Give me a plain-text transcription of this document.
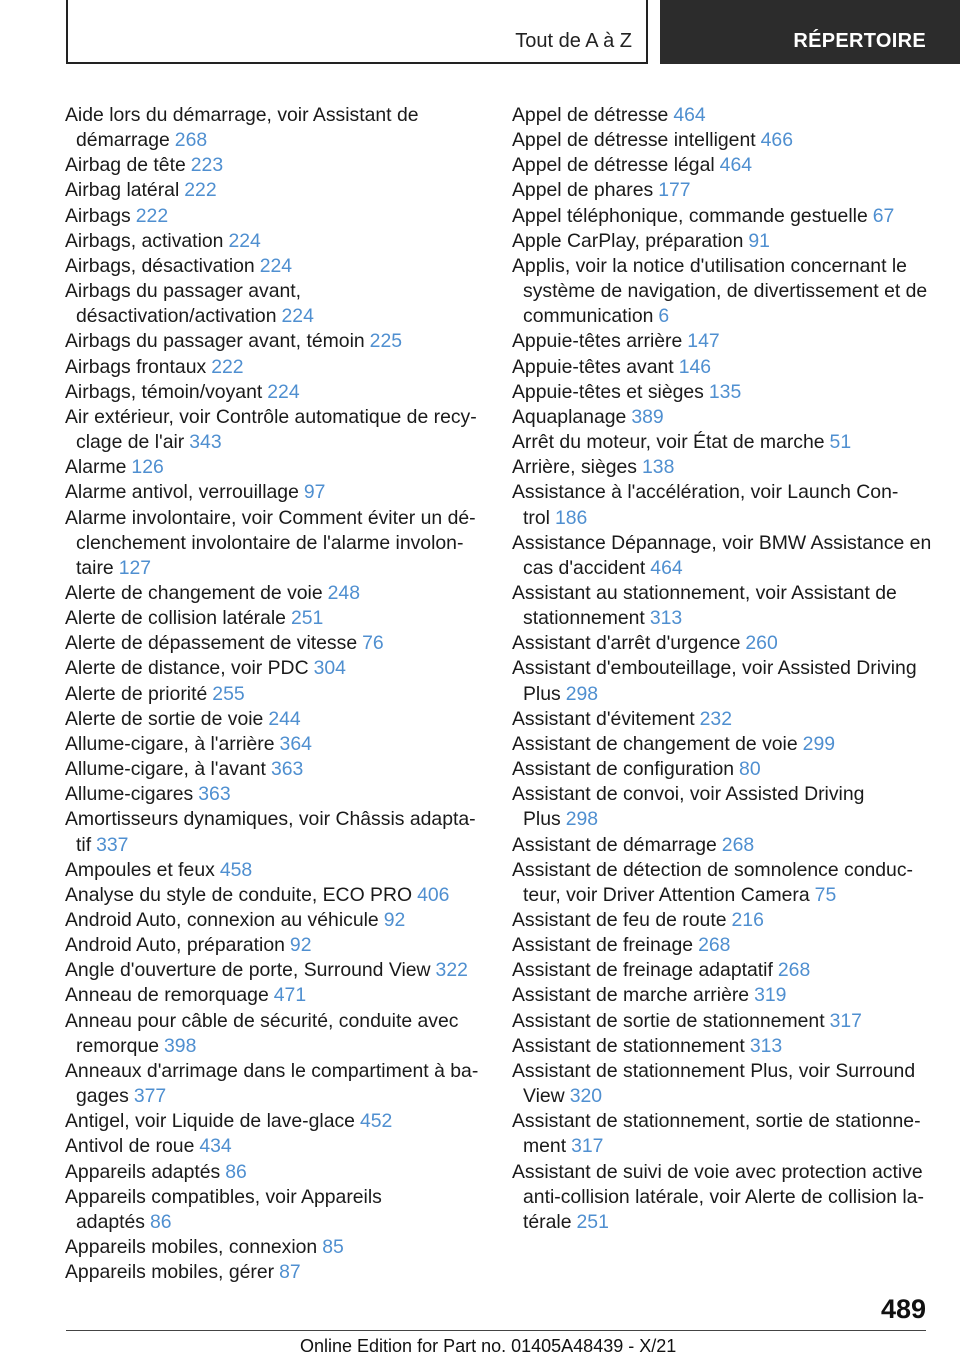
Tout de A à Z	RÉPERTOIRE
Aide lors du démarrage, voir Assistant de démarrage 268
Airbag de tête 223
Airbag latéral 222
Airbags 222
Airbags, activation 224
Airbags, désactivation 224
Airbags du passager avant, désactivation/activation 224
Airbags du passager avant, témoin 225
Airbags frontaux 222
Airbags, témoin/voyant 224
Air extérieur, voir Contrôle automatique de recyclage de l'air 343
Alarme 126
Alarme antivol, verrouillage 97
Alarme involontaire, voir Comment éviter un déclenchement involontaire de l'alarme involontaire 127
Alerte de changement de voie 248
Alerte de collision latérale 251
Alerte de dépassement de vitesse 76
Alerte de distance, voir PDC 304
Alerte de priorité 255
Alerte de sortie de voie 244
Allume-cigare, à l'arrière 364
Allume-cigare, à l'avant 363
Allume-cigares 363
Amortisseurs dynamiques, voir Châssis adaptatif 337
Ampoules et feux 458
Analyse du style de conduite, ECO PRO 406
Android Auto, connexion au véhicule 92
Android Auto, préparation 92
Angle d'ouverture de porte, Surround View 322
Anneau de remorquage 471
Anneau pour câble de sécurité, conduite avec remorque 398
Anneaux d'arrimage dans le compartiment à bagages 377
Antigel, voir Liquide de lave-glace 452
Antivol de roue 434
Appareils adaptés 86
Appareils compatibles, voir Appareils adaptés 86
Appareils mobiles, connexion 85
Appareils mobiles, gérer 87
Appel de détresse 464
Appel de détresse intelligent 466
Appel de détresse légal 464
Appel de phares 177
Appel téléphonique, commande gestuelle 67
Apple CarPlay, préparation 91
Applis, voir la notice d'utilisation concernant le système de navigation, de divertissement et de communication 6
Appuie-têtes arrière 147
Appuie-têtes avant 146
Appuie-têtes et sièges 135
Aquaplanage 389
Arrêt du moteur, voir État de marche 51
Arrière, sièges 138
Assistance à l'accélération, voir Launch Control 186
Assistance Dépannage, voir BMW Assistance en cas d'accident 464
Assistant au stationnement, voir Assistant de stationnement 313
Assistant d'arrêt d'urgence 260
Assistant d'embouteillage, voir Assisted Driving Plus 298
Assistant d'évitement 232
Assistant de changement de voie 299
Assistant de configuration 80
Assistant de convoi, voir Assisted Driving Plus 298
Assistant de démarrage 268
Assistant de détection de somnolence conducteur, voir Driver Attention Camera 75
Assistant de feu de route 216
Assistant de freinage 268
Assistant de freinage adaptatif 268
Assistant de marche arrière 319
Assistant de sortie de stationnement 317
Assistant de stationnement 313
Assistant de stationnement Plus, voir Surround View 320
Assistant de stationnement, sortie de stationnement 317
Assistant de suivi de voie avec protection active anti-collision latérale, voir Alerte de collision latérale 251
489
Online Edition for Part no. 01405A48439 - X/21
